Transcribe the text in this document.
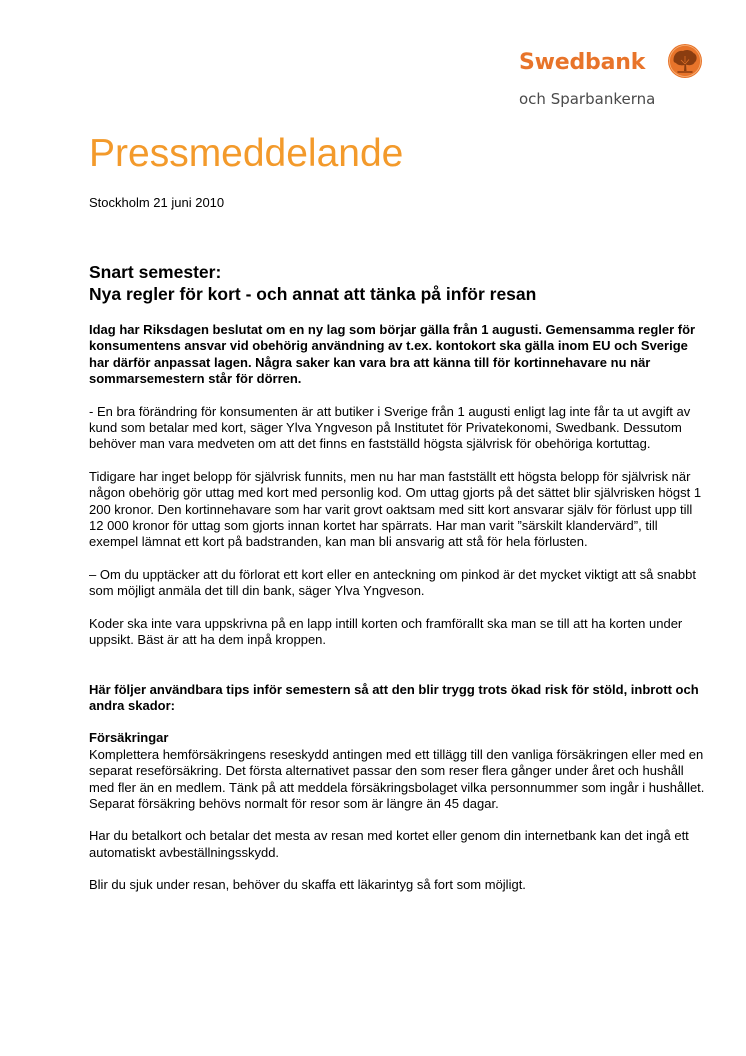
Swedbank
och Sparbankerna
Pressmeddelande
Stockholm 21 juni 2010
Snart semester:
Nya regler för kort - och annat att tänka på inför resan

Idag har Riksdagen beslutat om en ny lag som börjar gälla från 1 augusti. Gemensamma regler för konsumentens ansvar vid obehörig användning av t.ex. kontokort ska gälla inom EU och Sverige har därför anpassat lagen. Några saker kan vara bra att känna till för kortinnehavare nu när sommarsemestern står för dörren.

- En bra förändring för konsumenten är att butiker i Sverige från 1 augusti enligt lag inte får ta ut avgift av kund som betalar med kort, säger Ylva Yngveson på Institutet för Privatekonomi, Swedbank. Dessutom behöver man vara medveten om att det finns en fastställd högsta självrisk för obehöriga kortuttag.

Tidigare har inget belopp för självrisk funnits, men nu har man fastställt ett högsta belopp för självrisk när någon obehörig gör uttag med kort med personlig kod. Om uttag gjorts på det sättet blir självrisken högst 1 200 kronor. Den kortinnehavare som har varit grovt oaktsam med sitt kort ansvarar själv för förlust upp till 12 000 kronor för uttag som gjorts innan kortet har spärrats. Har man varit ”särskilt klandervärd”, till exempel lämnat ett kort på badstranden, kan man bli ansvarig att stå för hela förlusten.

– Om du upptäcker att du förlorat ett kort eller en anteckning om pinkod är det mycket viktigt att så snabbt som möjligt anmäla det till din bank, säger Ylva Yngveson.

Koder ska inte vara uppskrivna på en lapp intill korten och framförallt ska man se till att ha korten under uppsikt. Bäst är att ha dem inpå kroppen.

Här följer användbara tips inför semestern så att den blir trygg trots ökad risk för stöld, inbrott och andra skador:

Försäkringar
Komplettera hemförsäkringens reseskydd antingen med ett tillägg till den vanliga försäkringen eller med en separat reseförsäkring. Det första alternativet passar den som reser flera gånger under året och hushåll med fler än en medlem. Tänk på att meddela försäkringsbolaget vilka personnummer som ingår i hushållet. Separat försäkring behövs normalt för resor som är längre än 45 dagar.

Har du betalkort och betalar det mesta av resan med kortet eller genom din internetbank kan det ingå ett automatiskt avbeställningsskydd.

Blir du sjuk under resan, behöver du skaffa ett läkarintyg så fort som möjligt.
